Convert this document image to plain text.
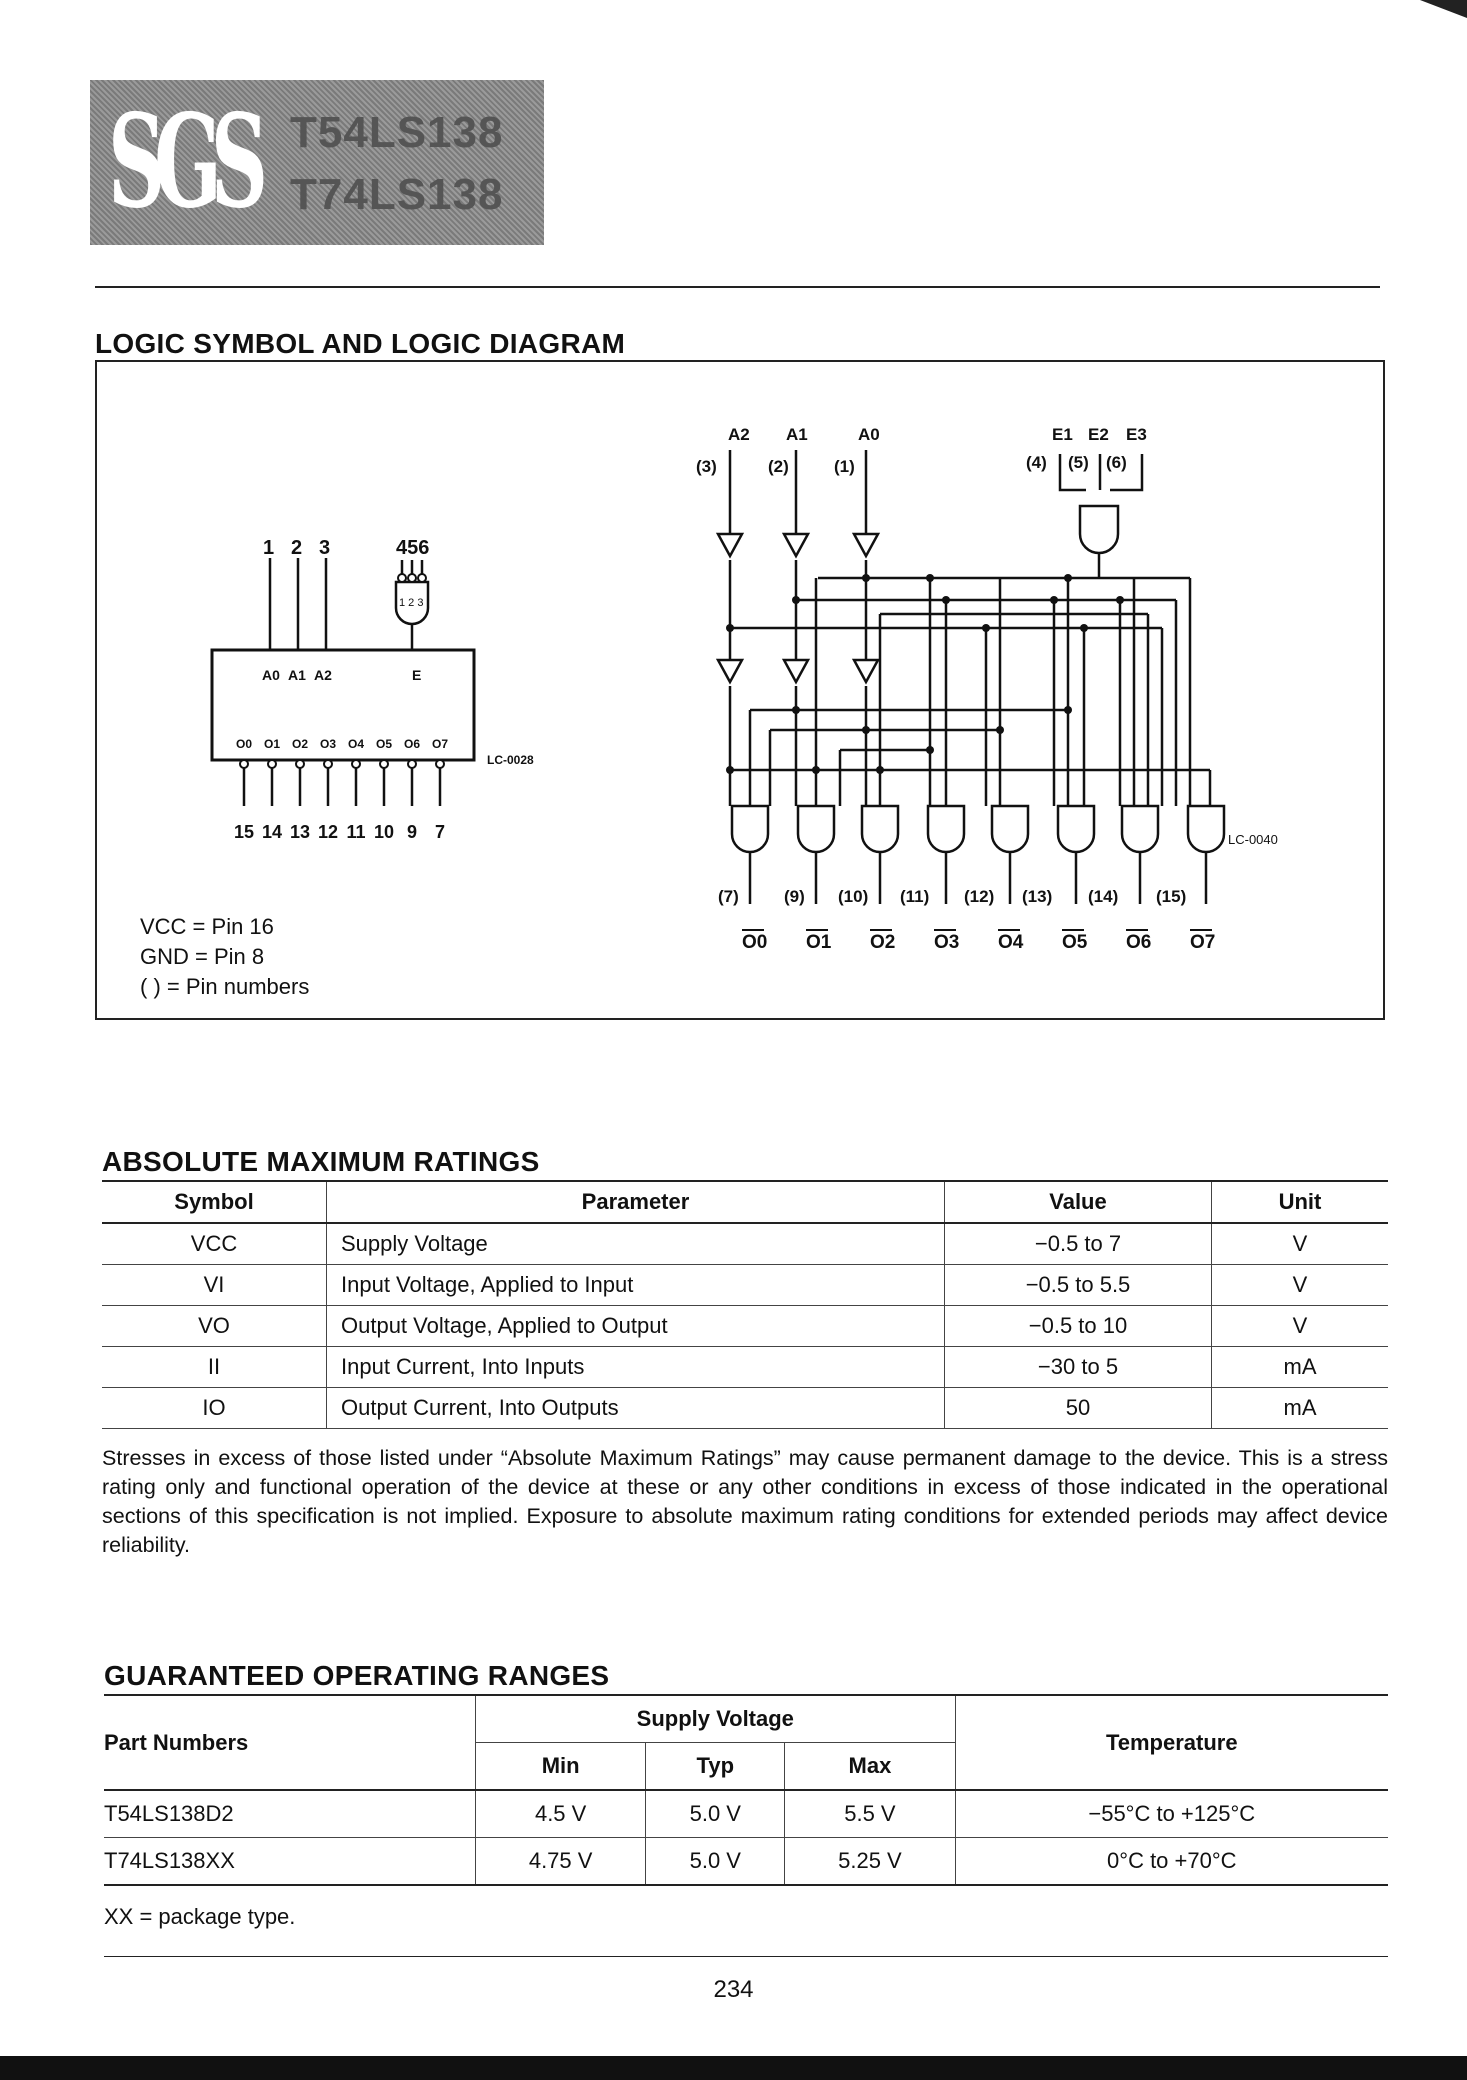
SGS T54LS138
T74LS138
LOGIC SYMBOL AND LOGIC DIAGRAM
1 2 3	456
1 2 3
A0 A1 A2	E
O0 O1 O2 O3 O4 O5 O6 O7
LC-0028
15 14 13 12 11 10 9 7
VCC = Pin 16
GND = Pin 8
( ) = Pin numbers
A2 A1	A0
(3)	(2)	(1)
E1 E2 E3
(4) (5) (6)
(7)	(9) (10) (11) (12) (13) (14) (15)
O0 O1 O2 O3 O4 O5 O6 O7
LC-0040
ABSOLUTE MAXIMUM RATINGS
Symbol	Parameter	Value	Unit
VCC	Supply Voltage	−0.5 to 7	V
VI	Input Voltage, Applied to Input	−0.5 to 5.5	V
VO	Output Voltage, Applied to Output	−0.5 to 10	V
II	Input Current, Into Inputs	−30 to 5	mA
IO	Output Current, Into Outputs	50	mA
Stresses in excess of those listed under “Absolute Maximum Ratings” may cause permanent damage to the device. This is a stress rating only and functional operation of the device at these or any other conditions in excess of those indicated in the operational sections of this specification is not implied. Exposure to absolute maximum rating conditions for extended periods may affect device reliability.
GUARANTEED OPERATING RANGES
Part Numbers	Supply Voltage			Temperature
	Min	Typ	Max	
T54LS138D2	4.5 V	5.0 V	5.5 V	−55°C to +125°C
T74LS138XX	4.75 V	5.0 V	5.25 V	0°C to +70°C
XX = package type.
234
